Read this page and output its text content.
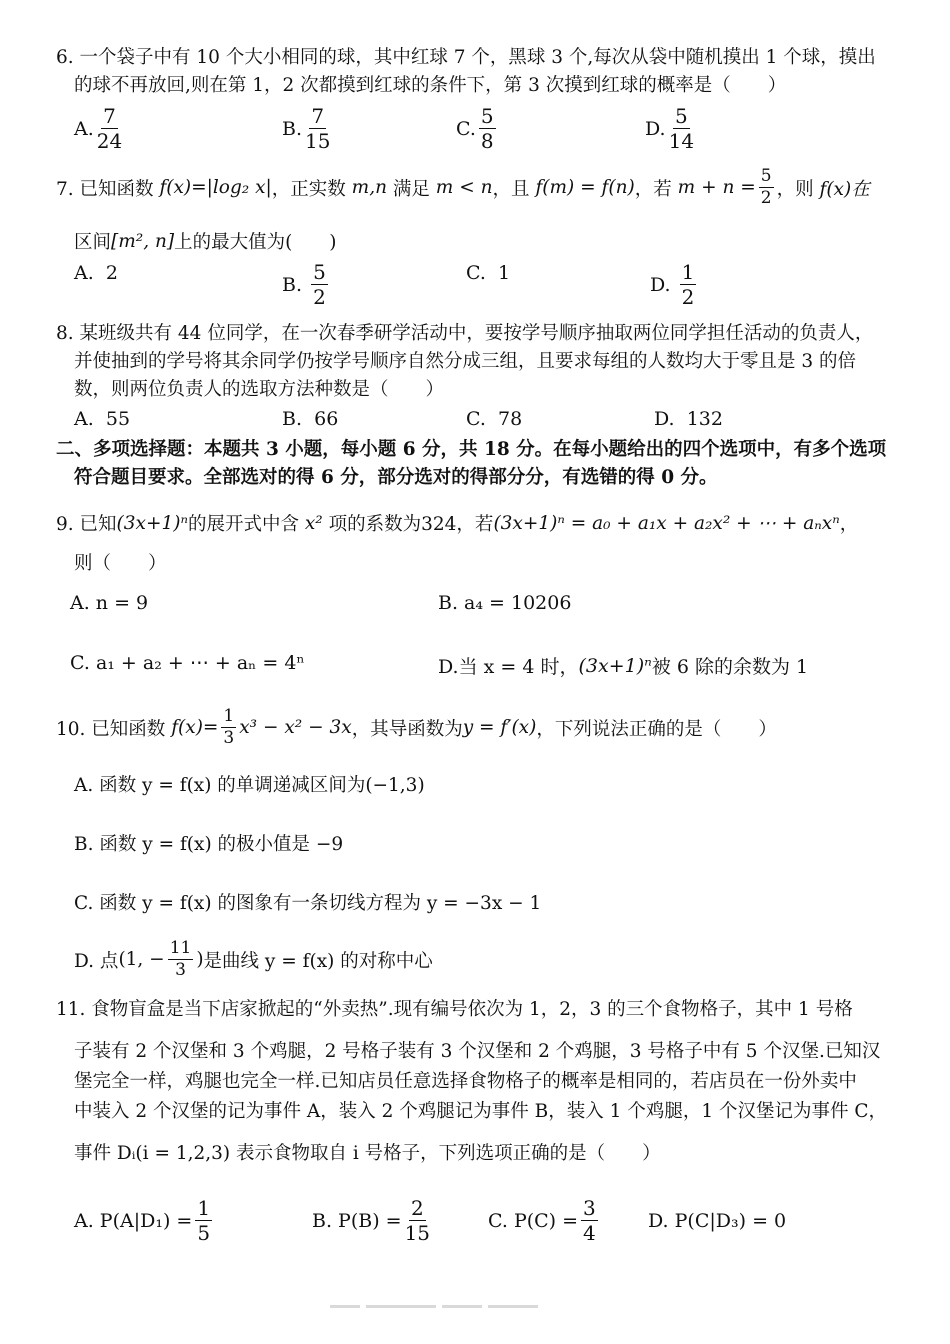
6. 一个袋子中有 10 个大小相同的球，其中红球 7 个，黑球 3 个,每次从袋中随机摸出 1 个球，摸出
的球不再放回,则在第 1，2 次都摸到红球的条件下，第 3 次摸到红球的概率是（　　）
A. $\frac{7}{24}$	B. $\frac{7}{15}$	C. $\frac{5}{8}$	D. $\frac{5}{14}$
7. 已知函数
f(x)=|log₂ x| ，正实数
m,n
满足
m < n ，且
f(m) = f(n) ，若
$m + n = \frac{5}{2}$ ，则
f(x)在
区间 [m², n] 上的最大值为(　　)
A.
2
B.
$\frac{5}{2}$	C.
1
D.
$\frac{1}{2}$
8. 某班级共有 44 位同学，在一次春季研学活动中，要按学号顺序抽取两位同学担任活动的负责人，
并使抽到的学号将其余同学仍按学号顺序自然分成三组，且要求每组的人数均大于零且是 3 的倍
数，则两位负责人的选取方法种数是（　　）
A.
55	B.
66	C.
78	D.
132
二、多项选择题：本题共 3 小题，每小题 6 分，共 18 分。在每小题给出的四个选项中，有多个选项
符合题目要求。全部选对的得 6 分，部分选对的得部分分，有选错的得 0 分。
9. 已知 (3x+1)ⁿ 的展开式中含
x²
项的系数为324，若 (3x+1)ⁿ = a₀ + a₁x + a₂x² + ⋯ + aₙxⁿ ，
则（　　）
A. n = 9	B. a₄ = 10206
C. a₁ + a₂ + ⋯ + aₙ = 4ⁿ	D.当 x = 4 时， (3x+1)ⁿ 被 6 除的余数为 1
10. 已知函数
$f(x)= \frac{1}{3} x^3 - x^2 - 3x$ ，其导函数为 y = f′(x) ，下列说法正确的是（　　）
A. 函数 y = f(x) 的单调递减区间为(−1,3)
B. 函数 y = f(x) 的极小值是 −9
C. 函数 y = f(x) 的图象有一条切线方程为 y = −3x − 1
D. 点 (1, − $\frac{11}{3}$ ) 是曲线 y = f(x) 的对称中心
11. 食物盲盒是当下店家掀起的“外卖热”.现有编号依次为 1，2，3 的三个食物格子，其中 1 号格
子装有 2 个汉堡和 3 个鸡腿，2 号格子装有 3 个汉堡和 2 个鸡腿，3 号格子中有 5 个汉堡.已知汉
堡完全一样，鸡腿也完全一样.已知店员任意选择食物格子的概率是相同的，若店员在一份外卖中
中装入 2 个汉堡的记为事件 A，装入 2 个鸡腿记为事件 B，装入 1 个鸡腿，1 个汉堡记为事件 C，
事件 Dᵢ(i = 1,2,3) 表示食物取自 i 号格子，下列选项正确的是（　　）
A. $P(A|D_1) = \frac{1}{5}$	B. $P(B) = \frac{2}{15}$	C. $P(C) = \frac{3}{4}$	D. P(C|D₃) = 0
